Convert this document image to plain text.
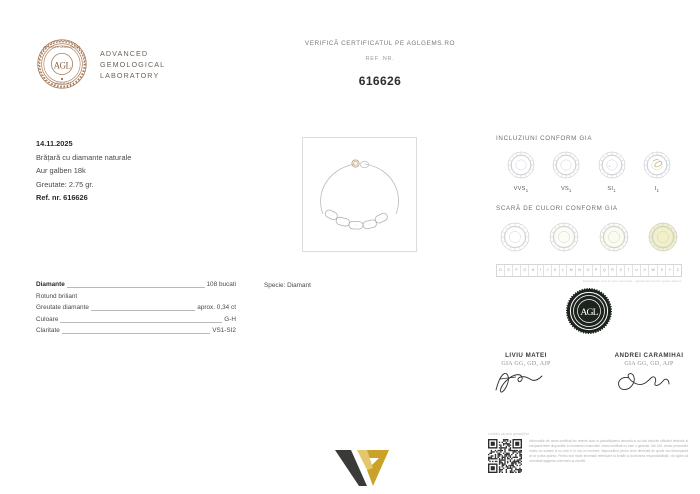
ADVANCED GEMOLOGICAL
LABORATORY
AGL
ADVANCED
GEMOLOGICAL
LABORATORY
VERIFICĂ CERTIFICATUL PE AGLGEMS.RO
REF. NR.
616626
DESCRIERE
14.11.2025
Brățară cu diamante naturale
Aur galben 18k
Greutate: 2.75 gr.
Ref. nr. 616626
INFORMAȚII
Diamante	108 bucati
Rotund briliant
Greutate diamante	aprox. 0,34 ct
Culoare	G-H
Claritate	VS1-SI2
IMAGINE
INFORMAȚII SUPLIMENTARE
Specie: Diamant
CRITERII DE GRADARE
INCLUZIUNI CONFORM GIA
$VVS_1$	$VS_1$	$SI_1$	$I_1$
SCARĂ DE CULORI CONFORM GIA
D	E	F	G	H	I	J	K	L	M	N	O	P	Q	R	S	T	U	V	W	X	Y	Z
Diagramele sunt cu titlu orientativ - aproximări pentru grade diverse
AGL
LIVIU MATEI
GIA GG, GD, AJP
ANDREI CARAMIHAI
GIA GG, GD, AJP
Limitări asupra garanțiilor
Informațiile din acest certificat fac referire doar la piatra/bijuteria descrisă și au fost obținute utilizând tehnicile și echipamentele disponibile în momentul examinării. Acest certificat nu este o garanție. Noi AGL și/sau personalul nostru nu suntem și nu vom fi, în nici un moment, răspunzători pentru orice diferență de opinie sau discrepanță ce ar putea apărea. Pentru mai multe informații referitoare la limitări și declinarea responsabilității, vă rugăm să consultați aglgems.ro/termeni-si-conditii.
